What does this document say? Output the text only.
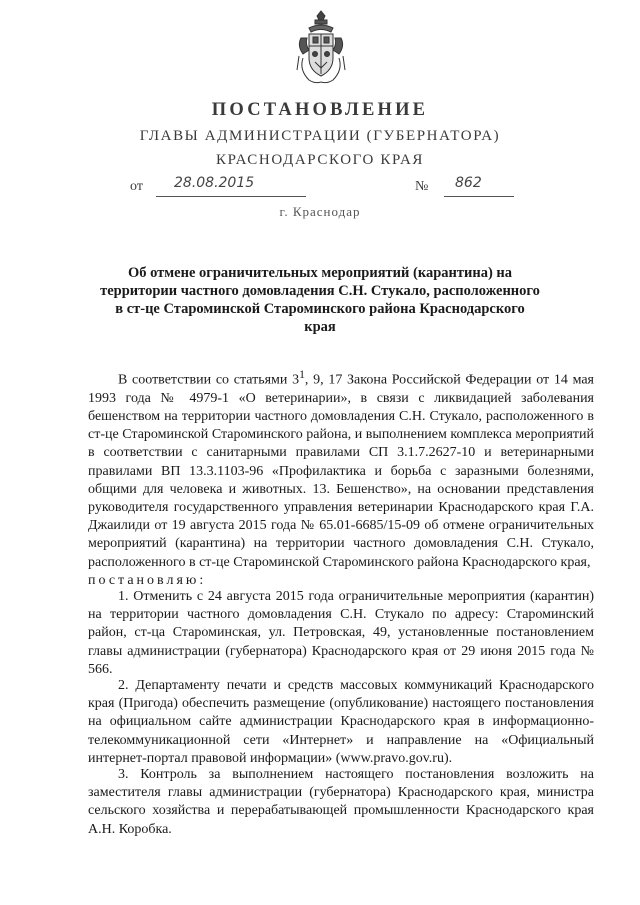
ПОСТАНОВЛЕНИЕ
ГЛАВЫ АДМИНИСТРАЦИИ (ГУБЕРНАТОРА)
КРАСНОДАРСКОГО КРАЯ
от 28.08.2015	№ 862
г. Краснодар
Об отмене ограничительных мероприятий (карантина) на территории частного домовладения С.Н. Стукало, расположенного в ст-це Староминской Староминского района Краснодарского края
В соответствии со статьями $3^1$, 9, 17 Закона Российской Федерации от 14 мая 1993 года № 4979-1 «О ветеринарии», в связи с ликвидацией заболевания бешенством на территории частного домовладения С.Н. Стукало, расположенного в ст-це Староминской Староминского района, и выполнением комплекса мероприятий в соответствии с санитарными правилами СП 3.1.7.2627-10 и ветеринарными правилами ВП 13.3.1103-96 «Профилактика и борьба с заразными болезнями, общими для человека и животных. 13. Бешенство», на основании представления руководителя государственного управления ветеринарии Краснодарского края Г.А. Джаилиди от 19 августа 2015 года № 65.01-6685/15-09 об отмене ограничительных мероприятий (карантина) на территории частного домовладения С.Н. Стукало, расположенного в ст-це Староминской Староминского района Краснодарского края,
постановляю:
1. Отменить с 24 августа 2015 года ограничительные мероприятия (карантин) на территории частного домовладения С.Н. Стукало по адресу: Староминский район, ст-ца Староминская, ул. Петровская, 49, установленные постановлением главы администрации (губернатора) Краснодарского края от 29 июня 2015 года № 566.
2. Департаменту печати и средств массовых коммуникаций Краснодарского края (Пригода) обеспечить размещение (опубликование) настоящего постановления на официальном сайте администрации Краснодарского края в информационно-телекоммуникационной сети «Интернет» и направление на «Официальный интернет-портал правовой информации» (www.pravo.gov.ru).
3. Контроль за выполнением настоящего постановления возложить на заместителя главы администрации (губернатора) Краснодарского края, министра сельского хозяйства и перерабатывающей промышленности Краснодарского края А.Н. Коробка.
